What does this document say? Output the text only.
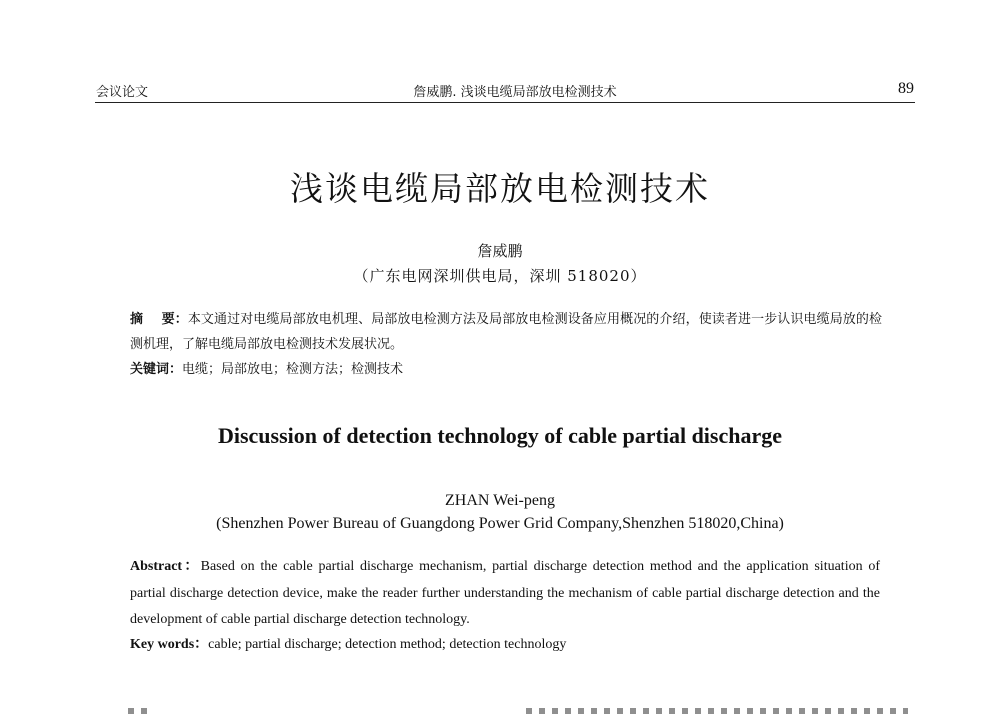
会议论文	詹威鹏. 浅谈电缆局部放电检测技术	89
浅谈电缆局部放电检测技术
詹威鹏
（广东电网深圳供电局，深圳 518020）
摘    要：本文通过对电缆局部放电机理、局部放电检测方法及局部放电检测设备应用概况的介绍，使读者进一步认识电缆局放的检测机理，了解电缆局部放电检测技术发展状况。
关键词：电缆；局部放电；检测方法；检测技术
Discussion of detection technology of cable partial discharge
ZHAN Wei-peng
(Shenzhen Power Bureau of Guangdong Power Grid Company,Shenzhen 518020,China)
Abstract：Based on the cable partial discharge mechanism, partial discharge detection method and the application situation of partial discharge detection device, make the reader further understanding the mechanism of cable partial discharge detection and the development of cable partial discharge detection technology.
Key words：cable; partial discharge; detection method; detection technology
